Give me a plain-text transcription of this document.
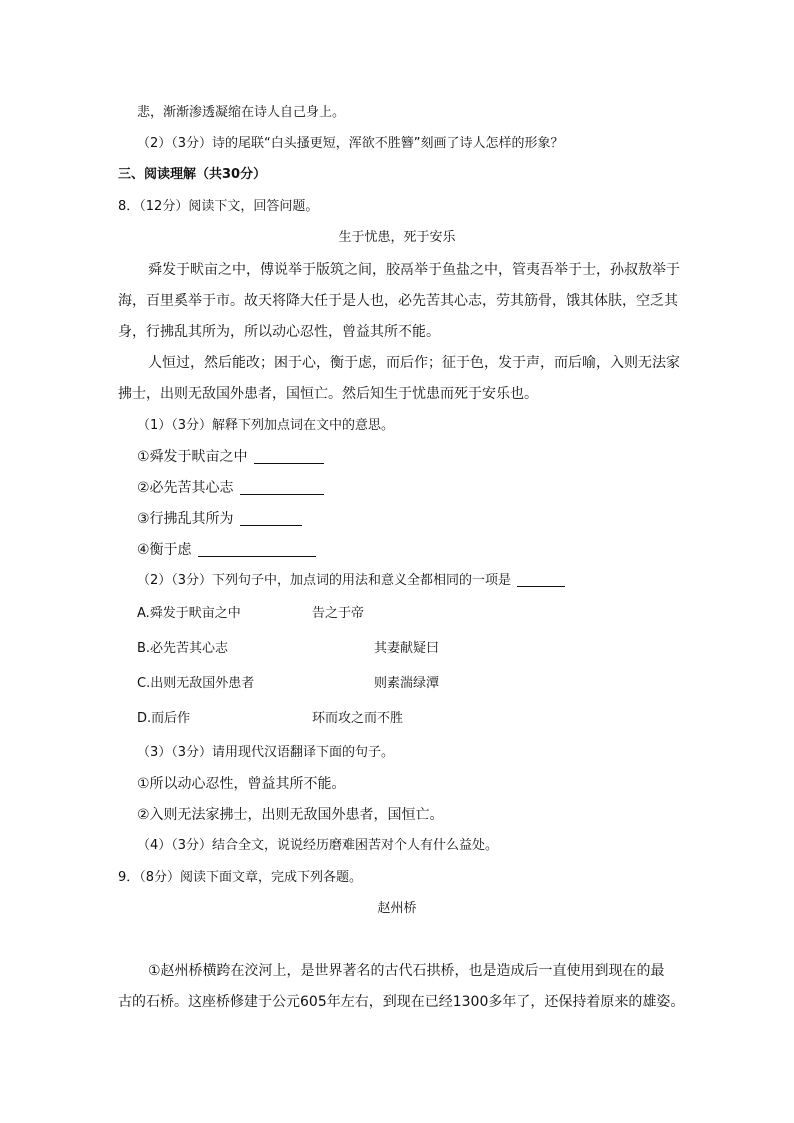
悲，渐渐渗透凝缩在诗人自己身上。
（2）（3分）诗的尾联“白头搔更短，浑欲不胜簪”刻画了诗人怎样的形象？
三、阅读理解（共30分）
8．（12分）阅读下文，回答问题。
生于忧患，死于安乐
舜发于畎亩之中，傅说举于版筑之间，胶鬲举于鱼盐之中，管夷吾举于士，孙叔敖举于
海，百里奚举于市。故天将降大任于是人也，必先苦其心志，劳其筋骨，饿其体肤，空乏其
身，行拂乱其所为，所以动心忍性，曾益其所不能。
人恒过，然后能改；困于心，衡于虑，而后作；征于色，发于声，而后喻，入则无法家
拂士，出则无敌国外患者，国恒亡。然后知生于忧患而死于安乐也。
（1）（3分）解释下列加点词在文中的意思。
①舜发于畎亩之中
②必先苦其心志
③行拂乱其所为
④衡于虑
（2）（3分）下列句子中，加点词的用法和意义全都相同的一项是
A.舜发于畎亩之中	告之于帝
B.必先苦其心志	其妻献疑曰
C.出则无敌国外患者	则素湍绿潭
D.而后作	环而攻之而不胜
（3）（3分）请用现代汉语翻译下面的句子。
①所以动心忍性，曾益其所不能。
②入则无法家拂士，出则无敌国外患者，国恒亡。
（4）（3分）结合全文，说说经历磨难困苦对个人有什么益处。
9．（8分）阅读下面文章，完成下列各题。
赵州桥
①赵州桥横跨在洨河上，是世界著名的古代石拱桥，也是造成后一直使用到现在的最
古的石桥。这座桥修建于公元605年左右，到现在已经1300多年了，还保持着原来的雄姿。
